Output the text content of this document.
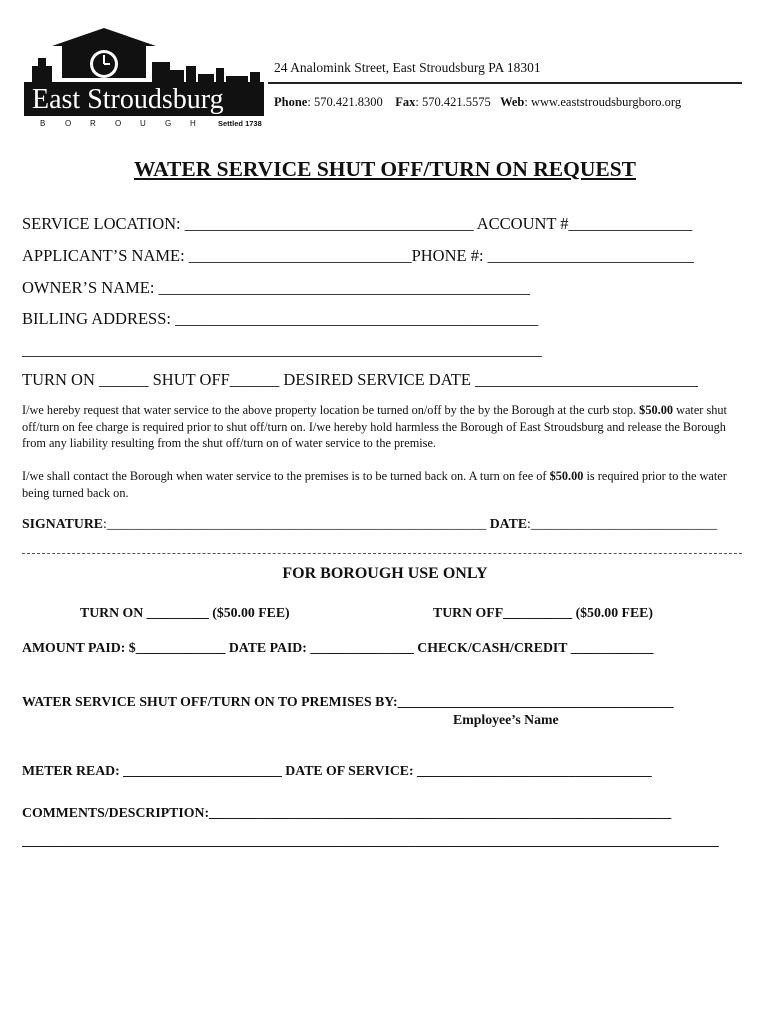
East Stroudsburg
B O R O U G H	Settled 1738
24 Analomink Street, East Stroudsburg PA 18301
Phone: 570.421.8300 Fax: 570.421.5575 Web: www.eaststroudsburgboro.org
WATER SERVICE SHUT OFF/TURN ON REQUEST
SERVICE LOCATION: ___________________________________ ACCOUNT #_______________
APPLICANT’S NAME: ___________________________PHONE #: _________________________
OWNER’S NAME: _____________________________________________
BILLING ADDRESS: ____________________________________________
_______________________________________________________________
TURN ON ______ SHUT OFF______ DESIRED SERVICE DATE ___________________________
I/we hereby request that water service to the above property location be turned on/off by the by the Borough at the curb stop. $50.00 water shut off/turn on fee charge is required prior to shut off/turn on. I/we hereby hold harmless the Borough of East Stroudsburg and release the Borough from any liability resulting from the shut off/turn on of water service to the premise.
I/we shall contact the Borough when water service to the premises is to be turned back on. A turn on fee of $50.00 is required prior to the water being turned back on.
SIGNATURE:_______________________________________________________ DATE:___________________________
FOR BOROUGH USE ONLY
TURN ON _________ ($50.00 FEE)	TURN OFF__________ ($50.00 FEE)
AMOUNT PAID: $_____________ DATE PAID: _______________ CHECK/CASH/CREDIT ____________
WATER SERVICE SHUT OFF/TURN ON TO PREMISES BY:________________________________________
Employee’s Name
METER READ: _______________________ DATE OF SERVICE: __________________________________
COMMENTS/DESCRIPTION:___________________________________________________________________
_____________________________________________________________________________________________________
